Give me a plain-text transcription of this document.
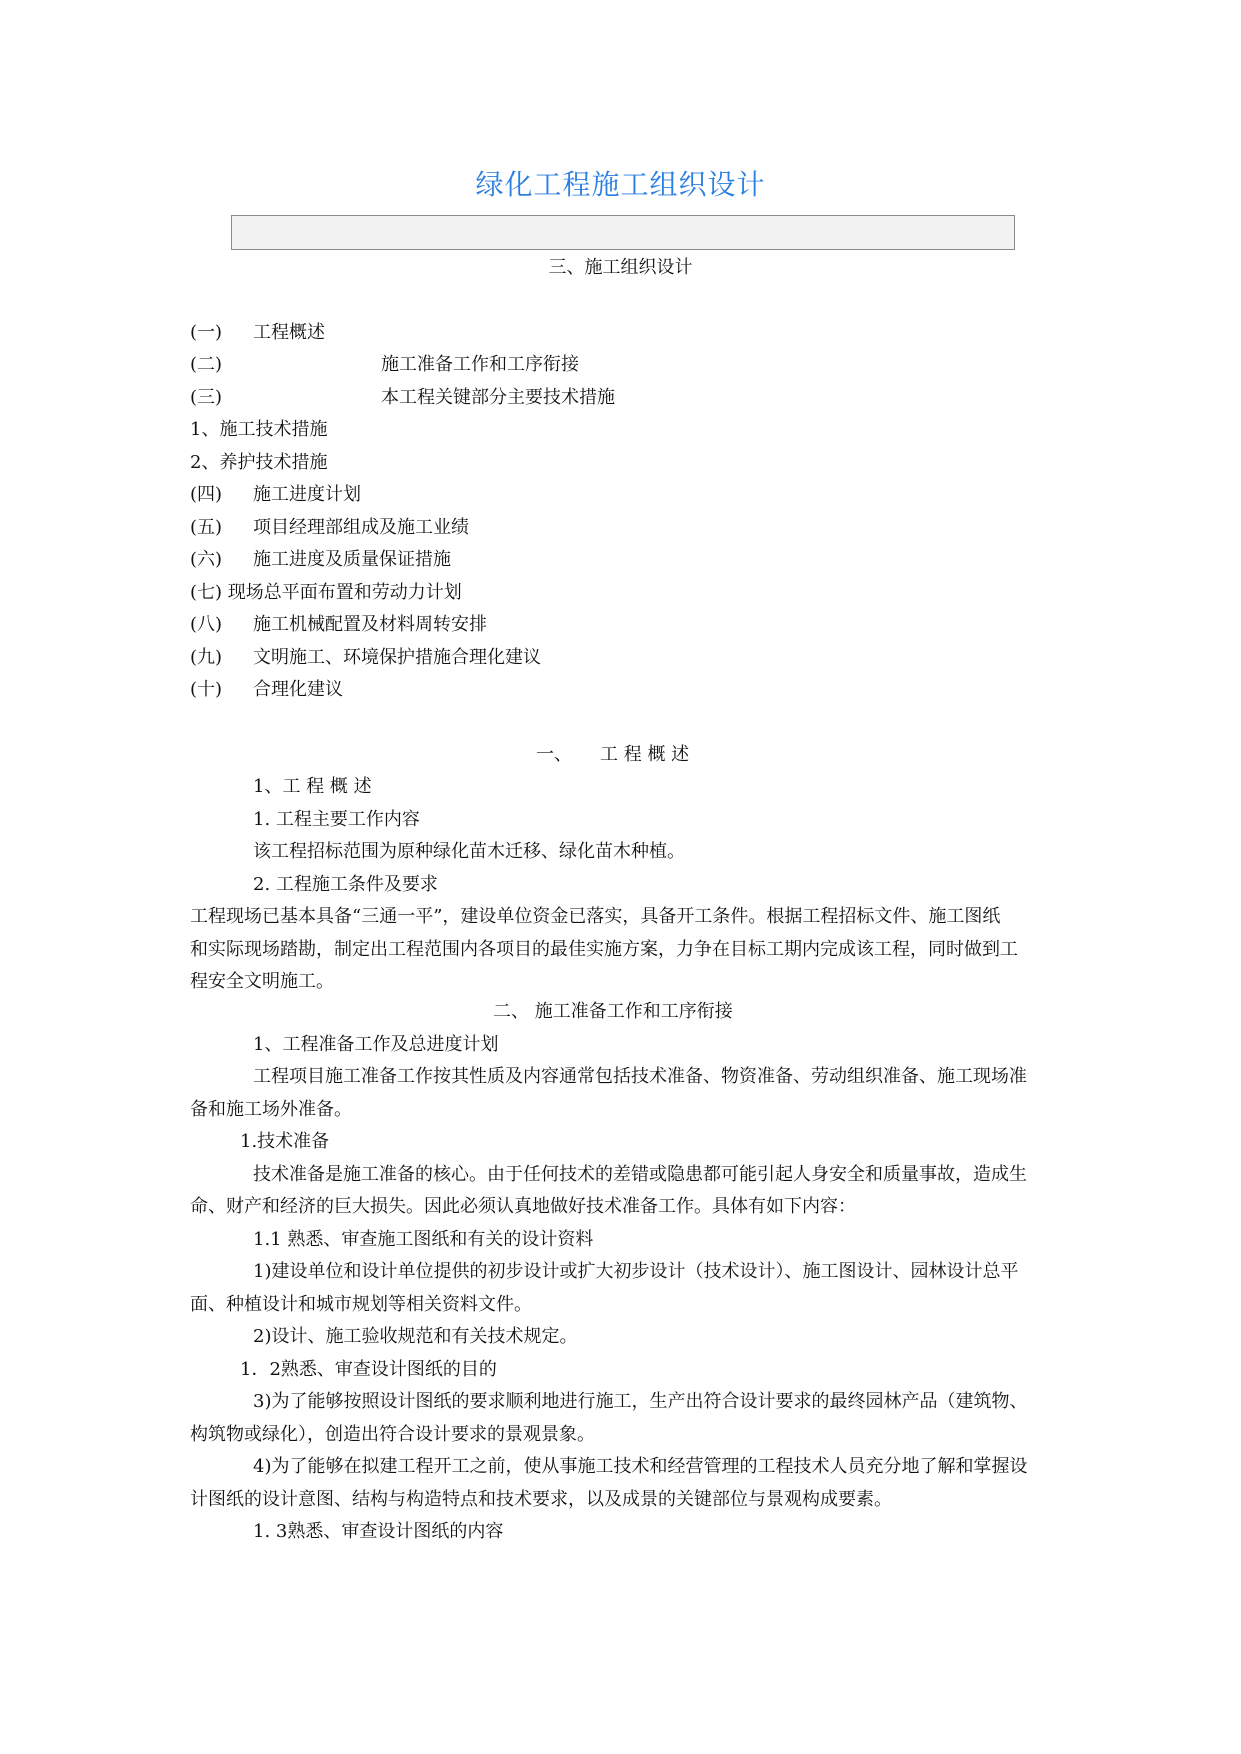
绿化工程施工组织设计
三、施工组织设计
(一) 工程概述
(二)	施工准备工作和工序衔接
(三)	本工程关键部分主要技术措施
1、施工技术措施
2、养护技术措施
(四) 施工进度计划
(五) 项目经理部组成及施工业绩
(六) 施工进度及质量保证措施
(七) 现场总平面布置和劳动力计划
(八) 施工机械配置及材料周转安排
(九) 文明施工、环境保护措施合理化建议
(十) 合理化建议
一、 工 程 概 述
1、工 程 概 述
1. 工程主要工作内容
该工程招标范围为原种绿化苗木迁移、绿化苗木种植。
2. 工程施工条件及要求
工程现场已基本具备“三通一平”，建设单位资金已落实，具备开工条件。根据工程招标文件、施工图纸
和实际现场踏勘，制定出工程范围内各项目的最佳实施方案，力争在目标工期内完成该工程，同时做到工
程安全文明施工。
二、 施工准备工作和工序衔接
1、工程准备工作及总进度计划
工程项目施工准备工作按其性质及内容通常包括技术准备、物资准备、劳动组织准备、施工现场准
备和施工场外准备。
1.技术准备
技术准备是施工准备的核心。由于任何技术的差错或隐患都可能引起人身安全和质量事故，造成生
命、财产和经济的巨大损失。因此必须认真地做好技术准备工作。具体有如下内容：
1.1 熟悉、审查施工图纸和有关的设计资料
1)建设单位和设计单位提供的初步设计或扩大初步设计（技术设计）、施工图设计、园林设计总平
面、种植设计和城市规划等相关资料文件。
2)设计、施工验收规范和有关技术规定。
1．2熟悉、审查设计图纸的目的
3)为了能够按照设计图纸的要求顺利地进行施工，生产出符合设计要求的最终园林产品（建筑物、
构筑物或绿化），创造出符合设计要求的景观景象。
4)为了能够在拟建工程开工之前，使从事施工技术和经营管理的工程技术人员充分地了解和掌握设
计图纸的设计意图、结构与构造特点和技术要求，以及成景的关键部位与景观构成要素。
1. 3熟悉、审查设计图纸的内容
